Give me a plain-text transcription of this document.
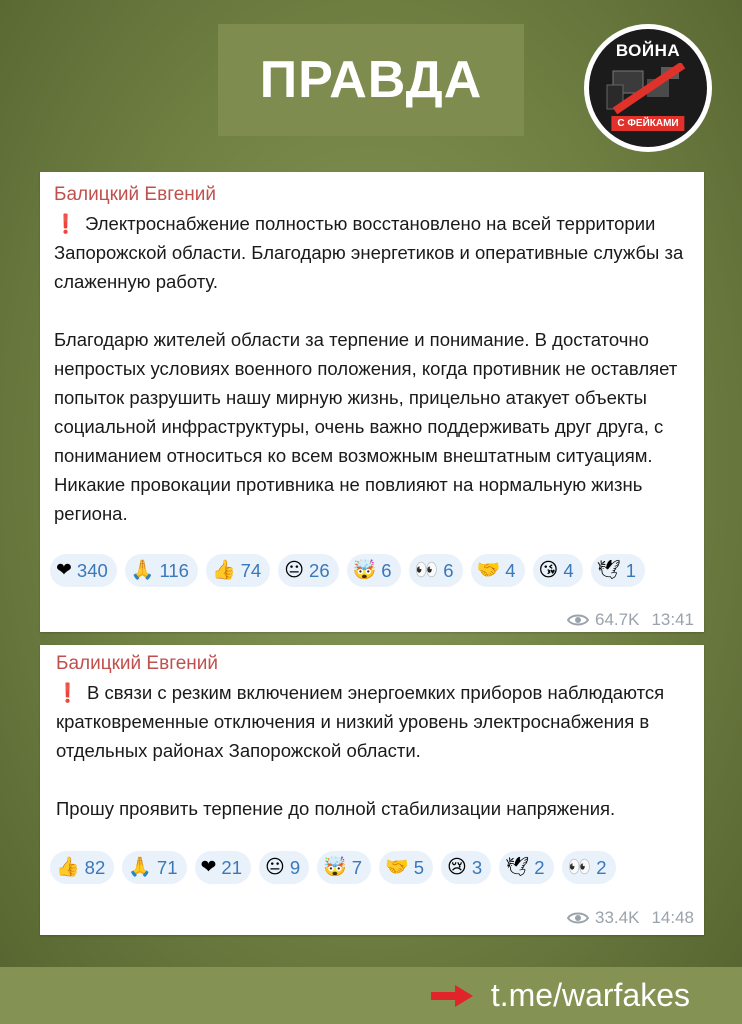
ПРАВДА
ВОЙНА
С ФЕЙКАМИ
Балицкий Евгений

❗ Электроснабжение полностью восстановлено на всей территории Запорожской области. Благодарю энергетиков и оперативные службы за слаженную работу.

Благодарю жителей области за терпение и понимание. В достаточно непростых условиях военного положения, когда противник не оставляет попыток разрушить нашу мирную жизнь, прицельно атакует объекты социальной инфраструктуры, очень важно поддерживать друг друга, с пониманием относиться ко всем возможным внештатным ситуациям. Никакие провокации противника не повлияют на нормальную жизнь региона.

❤ 340 🙏 116 👍 74 😐 26 🤯 6 👀 6 🤝 4 😘 4 🕊 1
64.7K 13:41
Балицкий Евгений

❗ В связи с резким включением энергоемких приборов наблюдаются кратковременные отключения и низкий уровень электроснабжения в отдельных районах Запорожской области.

Прошу проявить терпение до полной стабилизации напряжения.

👍 82 🙏 71 ❤ 21 😐 9 🤯 7 🤝 5 😢 3 🕊 2 👀 2
33.4K 14:48
t.me/warfakes
